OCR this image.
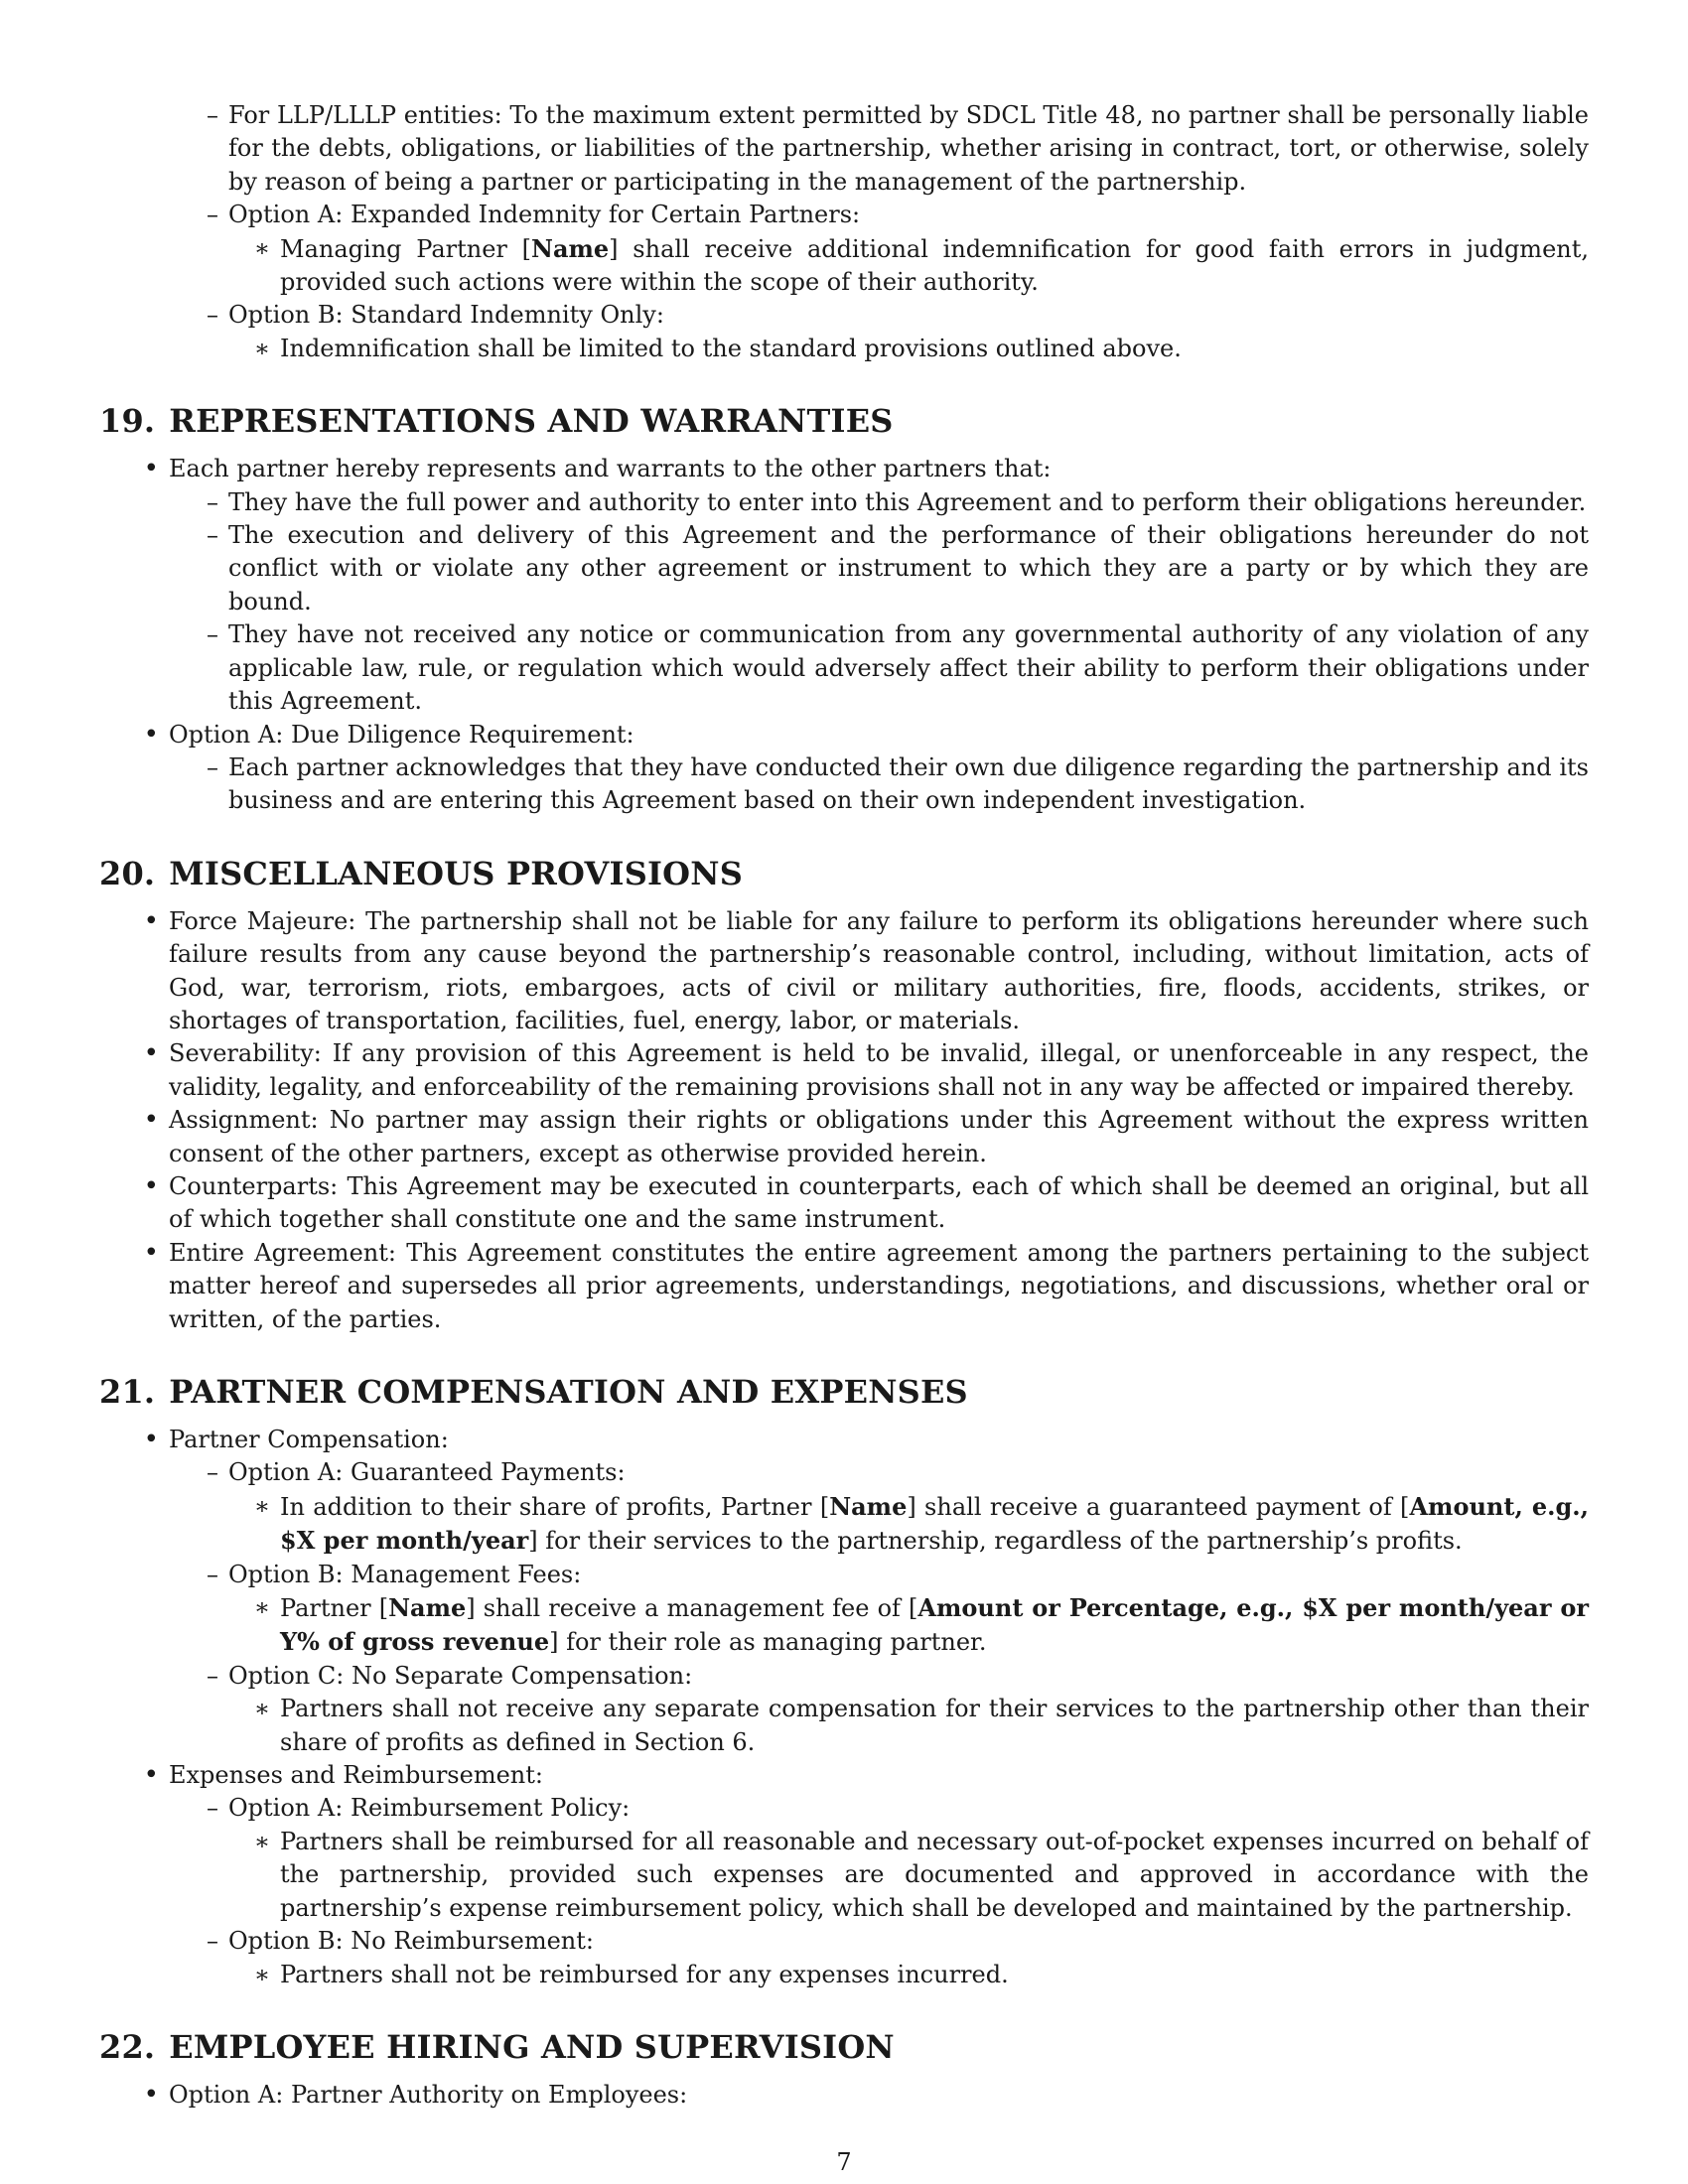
– For LLP/LLLP entities: To the maximum extent permitted by SDCL Title 48, no partner shall be personally liable for the debts, obligations, or liabilities of the partnership, whether arising in contract, tort, or otherwise, solely by reason of being a partner or participating in the management of the partnership.
– Option A: Expanded Indemnity for Certain Partners:
∗ Managing Partner [Name] shall receive additional indemnification for good faith errors in judgment, provided such actions were within the scope of their authority.
– Option B: Standard Indemnity Only:
∗ Indemnification shall be limited to the standard provisions outlined above.
19. REPRESENTATIONS AND WARRANTIES
• Each partner hereby represents and warrants to the other partners that:
– They have the full power and authority to enter into this Agreement and to perform their obligations hereunder.
– The execution and delivery of this Agreement and the performance of their obligations hereunder do not conflict with or violate any other agreement or instrument to which they are a party or by which they are bound.
– They have not received any notice or communication from any governmental authority of any violation of any applicable law, rule, or regulation which would adversely affect their ability to perform their obligations under this Agreement.
• Option A: Due Diligence Requirement:
– Each partner acknowledges that they have conducted their own due diligence regarding the partnership and its business and are entering this Agreement based on their own independent investigation.
20. MISCELLANEOUS PROVISIONS
• Force Majeure: The partnership shall not be liable for any failure to perform its obligations hereunder where such failure results from any cause beyond the partnership’s reasonable control, including, without limitation, acts of God, war, terrorism, riots, embargoes, acts of civil or military authorities, fire, floods, accidents, strikes, or shortages of transportation, facilities, fuel, energy, labor, or materials.
• Severability: If any provision of this Agreement is held to be invalid, illegal, or unenforceable in any respect, the validity, legality, and enforceability of the remaining provisions shall not in any way be affected or impaired thereby.
• Assignment: No partner may assign their rights or obligations under this Agreement without the express written consent of the other partners, except as otherwise provided herein.
• Counterparts: This Agreement may be executed in counterparts, each of which shall be deemed an original, but all of which together shall constitute one and the same instrument.
• Entire Agreement: This Agreement constitutes the entire agreement among the partners pertaining to the subject matter hereof and supersedes all prior agreements, understandings, negotiations, and discussions, whether oral or written, of the parties.
21. PARTNER COMPENSATION AND EXPENSES
• Partner Compensation:
– Option A: Guaranteed Payments:
∗ In addition to their share of profits, Partner [Name] shall receive a guaranteed payment of [Amount, e.g., $X per month/year] for their services to the partnership, regardless of the partnership’s profits.
– Option B: Management Fees:
∗ Partner [Name] shall receive a management fee of [Amount or Percentage, e.g., $X per month/year or Y% of gross revenue] for their role as managing partner.
– Option C: No Separate Compensation:
∗ Partners shall not receive any separate compensation for their services to the partnership other than their share of profits as defined in Section 6.
• Expenses and Reimbursement:
– Option A: Reimbursement Policy:
∗ Partners shall be reimbursed for all reasonable and necessary out-of-pocket expenses incurred on behalf of the partnership, provided such expenses are documented and approved in accordance with the partnership’s expense reimbursement policy, which shall be developed and maintained by the partnership.
– Option B: No Reimbursement:
∗ Partners shall not be reimbursed for any expenses incurred.
22. EMPLOYEE HIRING AND SUPERVISION
• Option A: Partner Authority on Employees:
7
